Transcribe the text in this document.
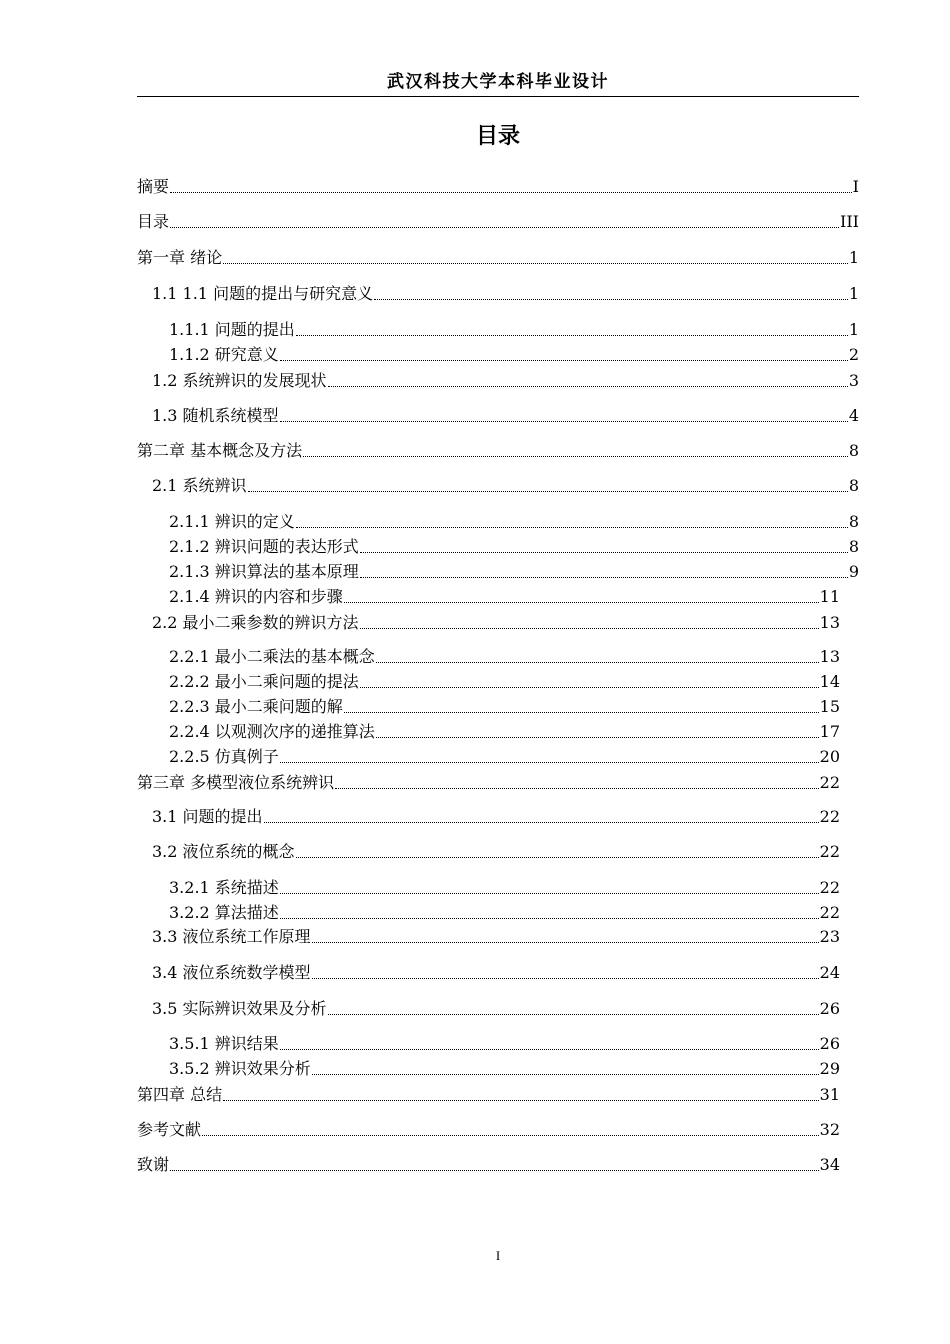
武汉科技大学本科毕业设计
目录
摘要	I
目录	III
第一章 绪论	1
1.1 1.1 问题的提出与研究意义	1
1.1.1 问题的提出	1
1.1.2 研究意义	2
1.2 系统辨识的发展现状	3
1.3 随机系统模型	4
第二章 基本概念及方法	8
2.1 系统辨识	8
2.1.1 辨识的定义	8
2.1.2 辨识问题的表达形式	8
2.1.3 辨识算法的基本原理	9
2.1.4 辨识的内容和步骤	11
2.2 最小二乘参数的辨识方法	13
2.2.1 最小二乘法的基本概念	13
2.2.2 最小二乘问题的提法	14
2.2.3 最小二乘问题的解	15
2.2.4 以观测次序的递推算法	17
2.2.5 仿真例子	20
第三章 多模型液位系统辨识	22
3.1 问题的提出	22
3.2 液位系统的概念	22
3.2.1 系统描述	22
3.2.2 算法描述	22
3.3 液位系统工作原理	23
3.4 液位系统数学模型	24
3.5 实际辨识效果及分析	26
3.5.1 辨识结果	26
3.5.2 辨识效果分析	29
第四章 总结	31
参考文献	32
致谢	34
I
